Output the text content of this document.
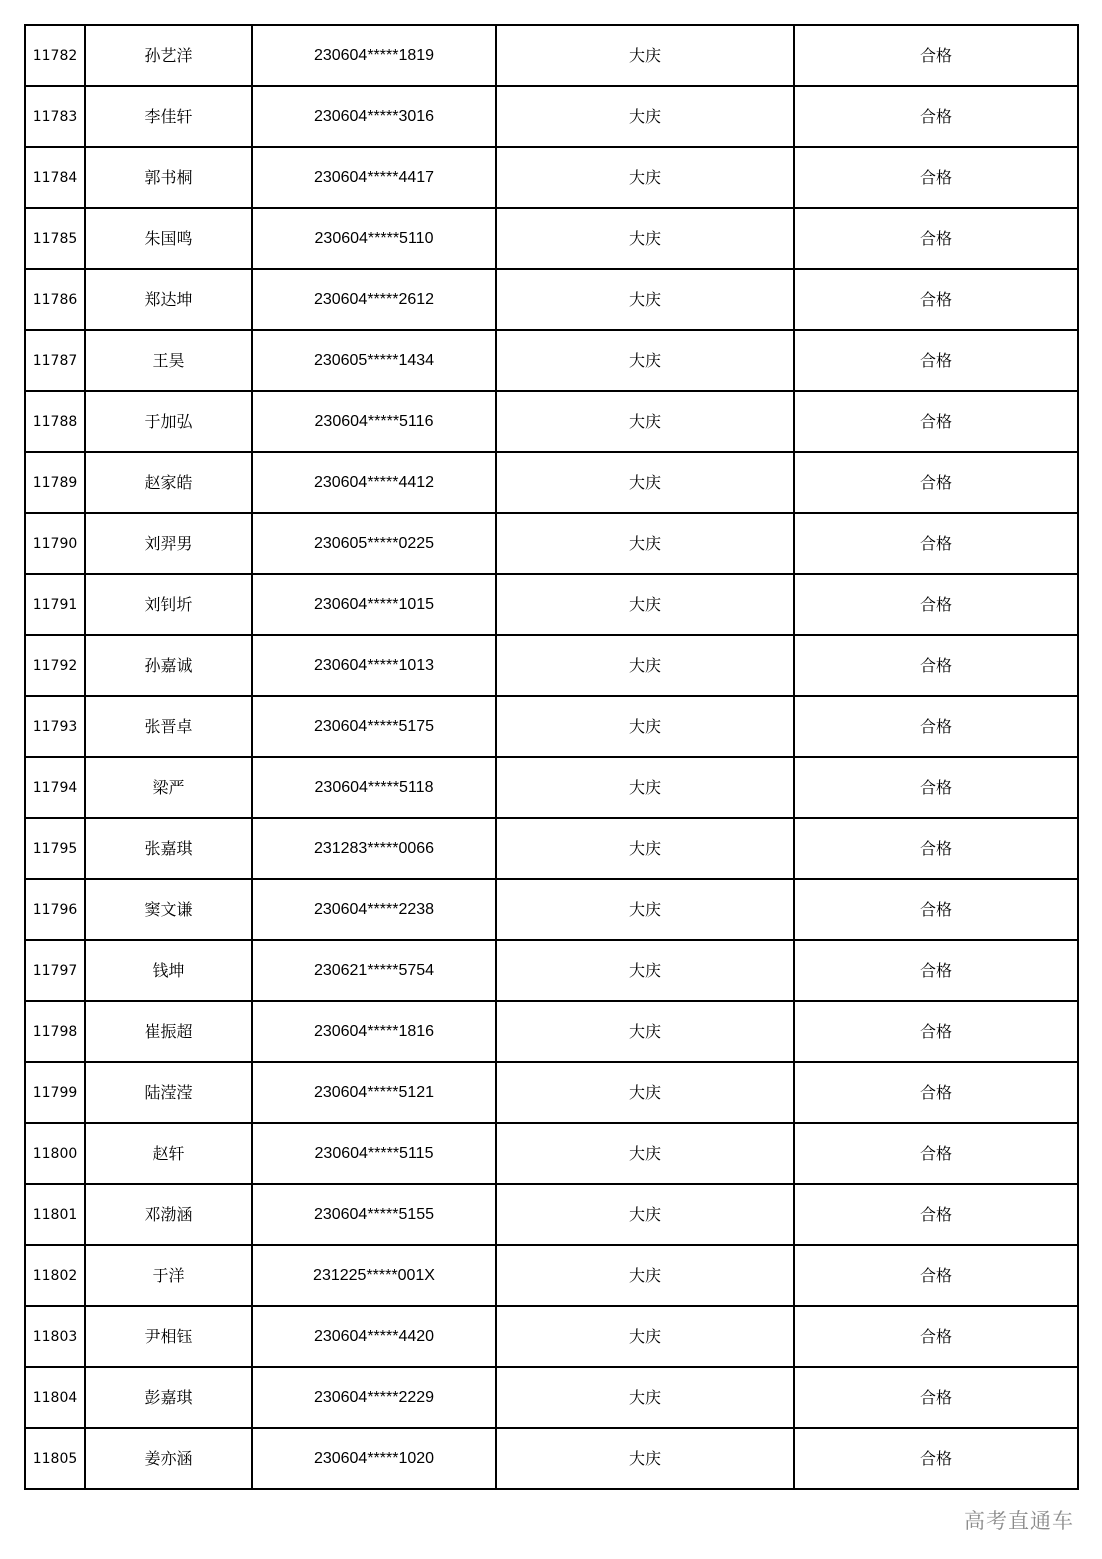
11782	孙艺洋	230604*****1819	大庆	合格
11783	李佳轩	230604*****3016	大庆	合格
11784	郭书桐	230604*****4417	大庆	合格
11785	朱国鸣	230604*****5110	大庆	合格
11786	郑达坤	230604*****2612	大庆	合格
11787	王昊	230605*****1434	大庆	合格
11788	于加弘	230604*****5116	大庆	合格
11789	赵家皓	230604*****4412	大庆	合格
11790	刘羿男	230605*****0225	大庆	合格
11791	刘钊圻	230604*****1015	大庆	合格
11792	孙嘉诚	230604*****1013	大庆	合格
11793	张晋卓	230604*****5175	大庆	合格
11794	梁严	230604*****5118	大庆	合格
11795	张嘉琪	231283*****0066	大庆	合格
11796	窦文谦	230604*****2238	大庆	合格
11797	钱坤	230621*****5754	大庆	合格
11798	崔振超	230604*****1816	大庆	合格
11799	陆滢滢	230604*****5121	大庆	合格
11800	赵轩	230604*****5115	大庆	合格
11801	邓渤涵	230604*****5155	大庆	合格
11802	于洋	231225*****001X	大庆	合格
11803	尹相钰	230604*****4420	大庆	合格
11804	彭嘉琪	230604*****2229	大庆	合格
11805	姜亦涵	230604*****1020	大庆	合格
高考直通车
